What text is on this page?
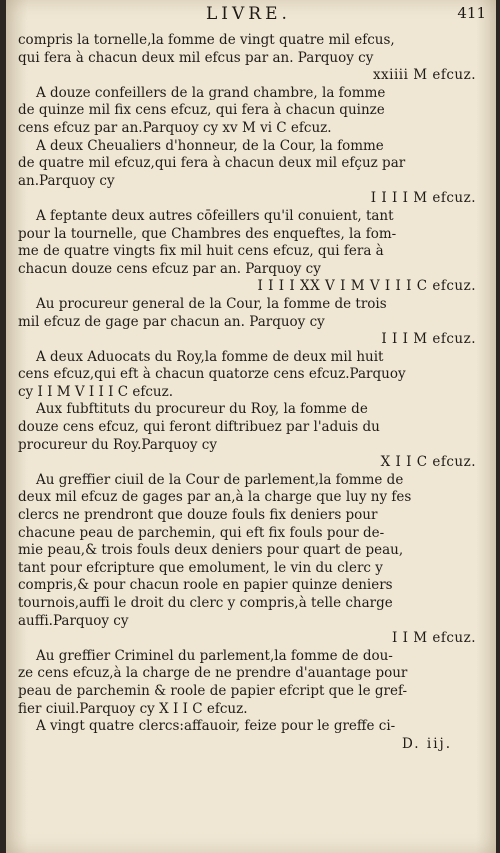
LIVRE.	411
compris la tornelle,la fomme de vingt quatre mil efcus,
qui fera à chacun deux mil efcus par an. Parquoy cy
xxiiii M efcuz.
A douze confeillers de la grand chambre, la fomme
de quinze mil fix cens efcuz, qui fera à chacun quinze
cens efcuz par an.Parquoy cy xv M vi C efcuz.
A deux Cheualiers d'honneur, de la Cour, la fomme
de quatre mil efcuz,qui fera à chacun deux mil efçuz par
an.Parquoy cy
I I I I M efcuz.
A feptante deux autres cōfeillers qu'il conuient, tant
pour la tournelle, que Chambres des enqueftes, la fom-
me de quatre vingts fix mil huit cens efcuz, qui fera à
chacun douze cens efcuz par an. Parquoy cy
I I I I XX V I M V I I I C efcuz.
Au procureur general de la Cour, la fomme de trois
mil efcuz de gage par chacun an. Parquoy cy
I I I M efcuz.
A deux Aduocats du Roy,la fomme de deux mil huit
cens efcuz,qui eft à chacun quatorze cens efcuz.Parquoy
cy I I M V I I I C efcuz.
Aux fubftituts du procureur du Roy, la fomme de
douze cens efcuz, qui feront diftribuez par l'aduis du
procureur du Roy.Parquoy cy
X I I C efcuz.
Au greffier ciuil de la Cour de parlement,la fomme de
deux mil efcuz de gages par an,à la charge que luy ny fes
clercs ne prendront que douze fouls fix deniers pour
chacune peau de parchemin, qui eft fix fouls pour de-
mie peau,& trois fouls deux deniers pour quart de peau,
tant pour efcripture que emolument, le vin du clerc y
compris,& pour chacun roole en papier quinze deniers
tournois,auffi le droit du clerc y compris,à telle charge
auffi.Parquoy cy
I I M efcuz.
Au greffier Criminel du parlement,la fomme de dou-
ze cens efcuz,à la charge de ne prendre d'auantage pour
peau de parchemin & roole de papier efcript que le gref-
fier ciuil.Parquoy cy X I I C efcuz.
A vingt quatre clercs:affauoir, feize pour le greffe ci-
D. iij.
